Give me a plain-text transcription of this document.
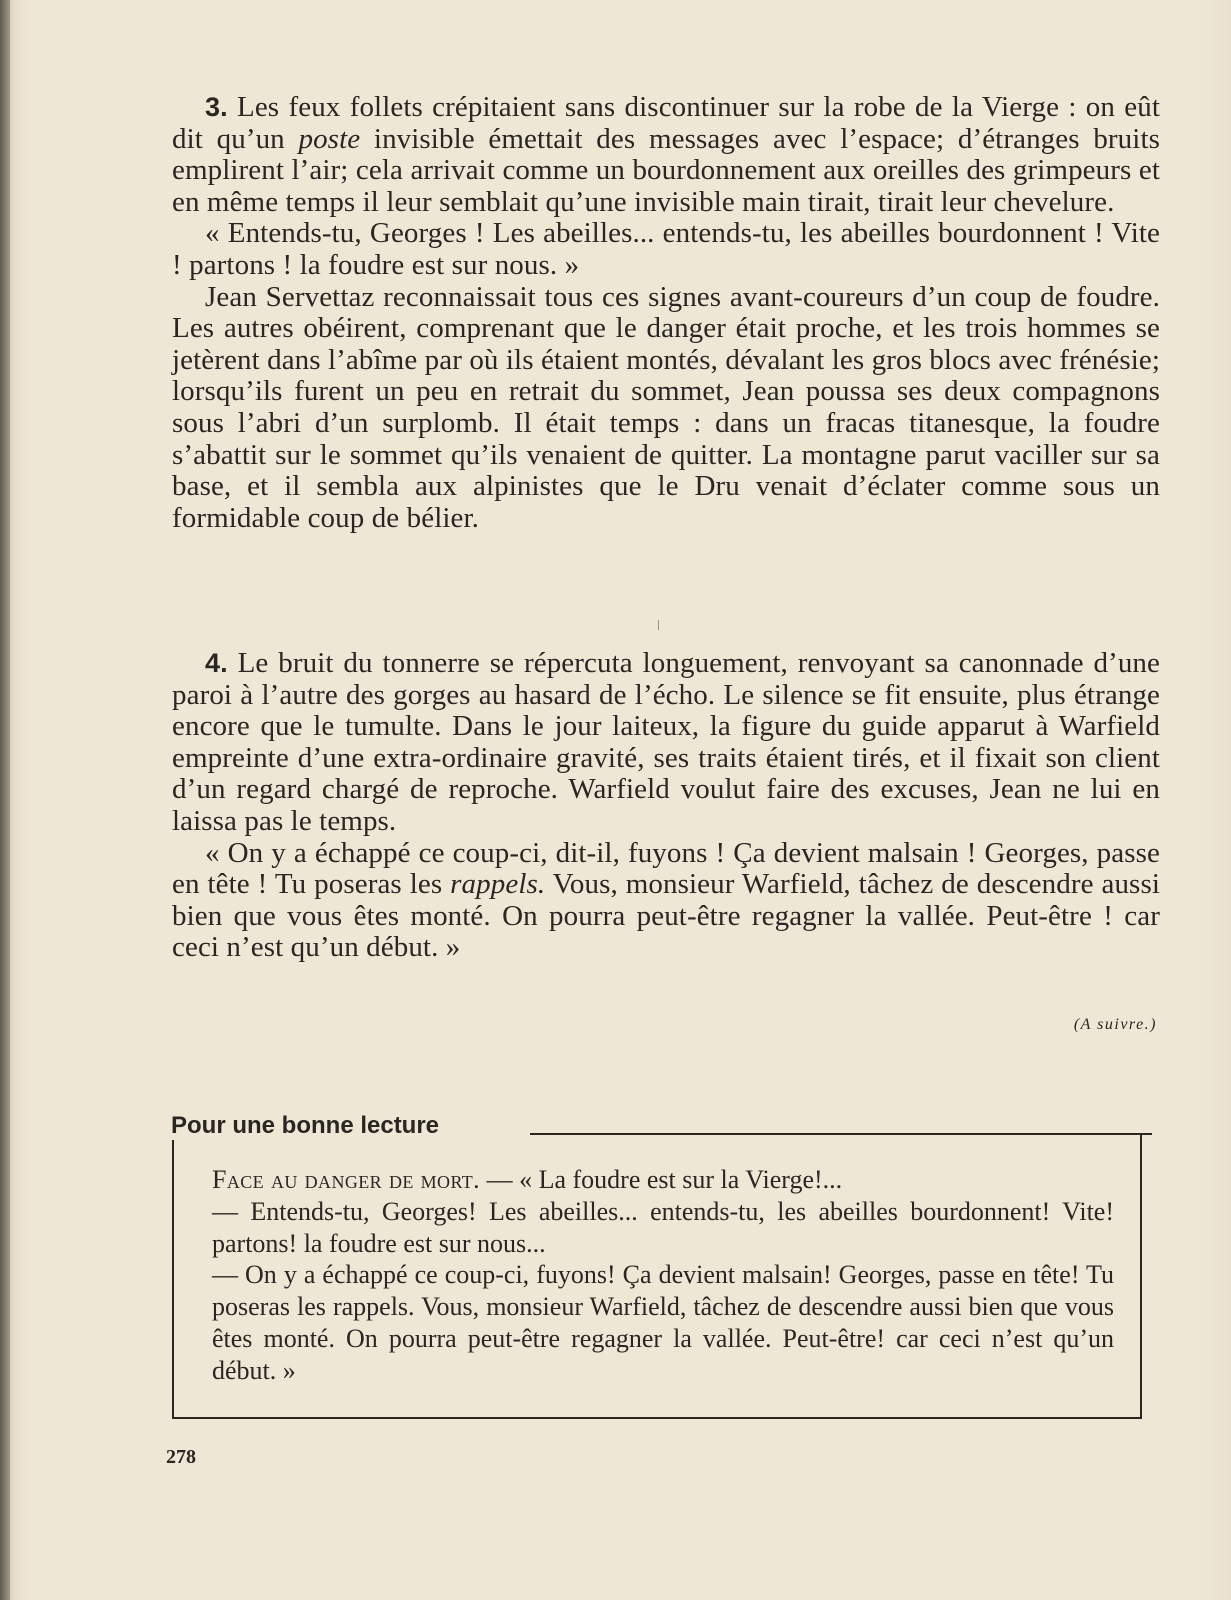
3. Les feux follets crépitaient sans discontinuer sur la robe de la Vierge : on eût dit qu’un poste invisible émettait des messages avec l’espace; d’étranges bruits emplirent l’air; cela arrivait comme un bourdonnement aux oreilles des grimpeurs et en même temps il leur semblait qu’une invisible main tirait, tirait leur chevelure.

« Entends-tu, Georges ! Les abeilles... entends-tu, les abeilles bourdonnent ! Vite ! partons ! la foudre est sur nous. »

Jean Servettaz reconnaissait tous ces signes avant-coureurs d’un coup de foudre. Les autres obéirent, comprenant que le danger était proche, et les trois hommes se jetèrent dans l’abîme par où ils étaient montés, dévalant les gros blocs avec frénésie; lorsqu’ils furent un peu en retrait du sommet, Jean poussa ses deux compagnons sous l’abri d’un surplomb. Il était temps : dans un fracas titanesque, la foudre s’abattit sur le sommet qu’ils venaient de quitter. La montagne parut vaciller sur sa base, et il sembla aux alpinistes que le Dru venait d’éclater comme sous un formidable coup de bélier.

4. Le bruit du tonnerre se répercuta longuement, renvoyant sa canonnade d’une paroi à l’autre des gorges au hasard de l’écho. Le silence se fit ensuite, plus étrange encore que le tumulte. Dans le jour laiteux, la figure du guide apparut à Warfield empreinte d’une extra-ordinaire gravité, ses traits étaient tirés, et il fixait son client d’un regard chargé de reproche. Warfield voulut faire des excuses, Jean ne lui en laissa pas le temps.

« On y a échappé ce coup-ci, dit-il, fuyons ! Ça devient malsain ! Georges, passe en tête ! Tu poseras les rappels. Vous, monsieur Warfield, tâchez de descendre aussi bien que vous êtes monté. On pourra peut-être regagner la vallée. Peut-être ! car ceci n’est qu’un début. »

(A suivre.)
Pour une bonne lecture

Face au danger de mort. — « La foudre est sur la Vierge!...

— Entends-tu, Georges! Les abeilles... entends-tu, les abeilles bourdonnent! Vite! partons! la foudre est sur nous...

— On y a échappé ce coup-ci, fuyons! Ça devient malsain! Georges, passe en tête! Tu poseras les rappels. Vous, monsieur Warfield, tâchez de descendre aussi bien que vous êtes monté. On pourra peut-être regagner la vallée. Peut-être! car ceci n’est qu’un début. »

278
